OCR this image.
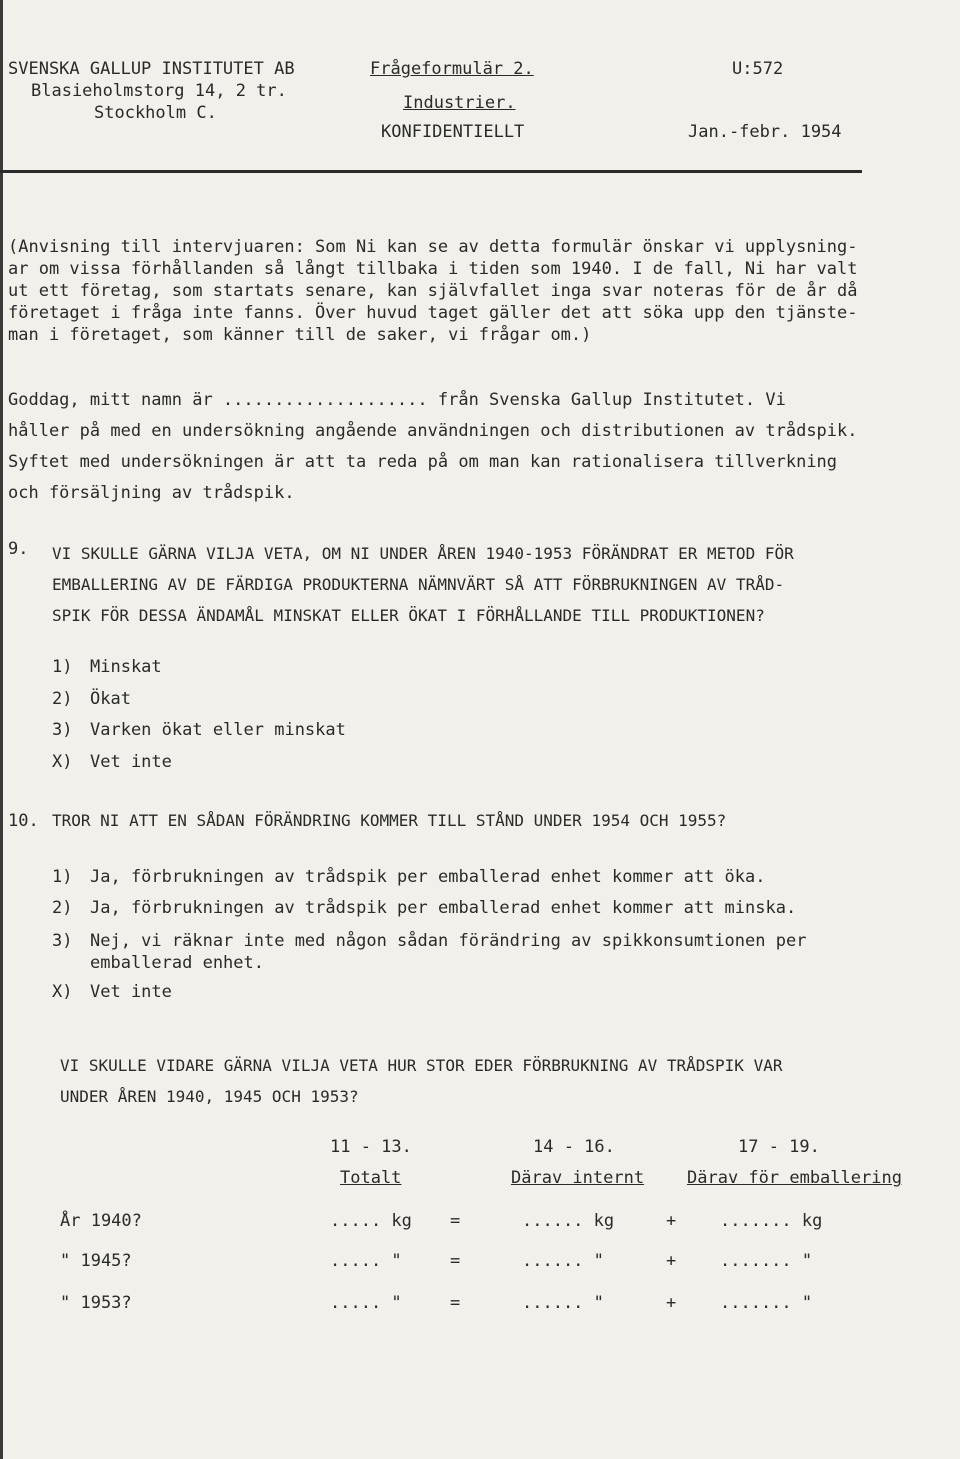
SVENSKA GALLUP INSTITUTET AB
Blasieholmstorg 14, 2 tr.
Stockholm C.
Frågeformulär 2.
Industrier.
KONFIDENTIELLT
U:572
Jan.-febr. 1954
(Anvisning till intervjuaren: Som Ni kan se av detta formulär önskar vi upplysning-
ar om vissa förhållanden så långt tillbaka i tiden som 1940. I de fall, Ni har valt
ut ett företag, som startats senare, kan självfallet inga svar noteras för de år då
företaget i fråga inte fanns. Över huvud taget gäller det att söka upp den tjänste-
man i företaget, som känner till de saker, vi frågar om.)
Goddag, mitt namn är .................... från Svenska Gallup Institutet. Vi
håller på med en undersökning angående användningen och distributionen av trådspik.
Syftet med undersökningen är att ta reda på om man kan rationalisera tillverkning
och försäljning av trådspik.
9. VI SKULLE GÄRNA VILJA VETA, OM NI UNDER ÅREN 1940-1953 FÖRÄNDRAT ER METOD FÖR
EMBALLERING AV DE FÄRDIGA PRODUKTERNA NÄMNVÄRT SÅ ATT FÖRBRUKNINGEN AV TRÅD-
SPIK FÖR DESSA ÄNDAMÅL MINSKAT ELLER ÖKAT I FÖRHÅLLANDE TILL PRODUKTIONEN?
1) Minskat
2) Ökat
3) Varken ökat eller minskat
X) Vet inte
10. TROR NI ATT EN SÅDAN FÖRÄNDRING KOMMER TILL STÅND UNDER 1954 OCH 1955?
1) Ja, förbrukningen av trådspik per emballerad enhet kommer att öka.
2) Ja, förbrukningen av trådspik per emballerad enhet kommer att minska.
3) Nej, vi räknar inte med någon sådan förändring av spikkonsumtionen per
emballerad enhet.
X) Vet inte
VI SKULLE VIDARE GÄRNA VILJA VETA HUR STOR EDER FÖRBRUKNING AV TRÅDSPIK VAR
UNDER ÅREN 1940, 1945 OCH 1953?
11 - 13.	14 - 16.	17 - 19.
Totalt	Därav internt	Därav för emballering
År 1940?	..... kg =	...... kg	+	....... kg
" 1945?	..... "	=	...... "	+	....... "
" 1953?	..... "	=	...... "	+	....... "
